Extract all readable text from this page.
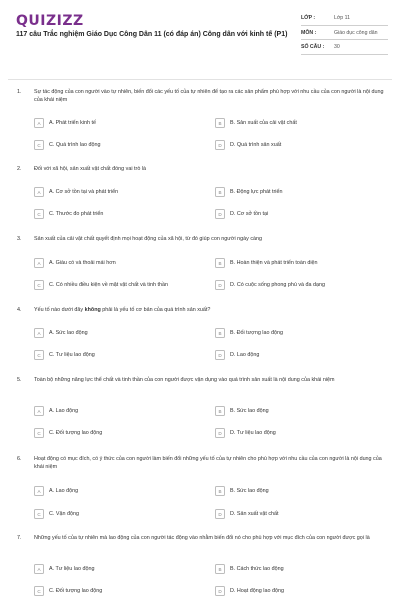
QUIZIZZ
117 câu Trắc nghiệm Giáo Dục Công Dân 11 (có đáp án) Công dân với kinh tế (P1)
LỚP :	Lớp 11
MÔN :	Giáo dục công dân
SỐ CÂU :	30
1.	Sự tác động của con người vào tự nhiên, biến đổi các yếu tố của tự nhiên để tạo ra các sản phẩm phù hợp với nhu cầu của con người là nội dung của khái niệm
A	A. Phát triển kinh tế	B	B. Sản xuất của cải vật chất
C	C. Quá trình lao động	D	D. Quá trình sản xuất
2.	Đối với xã hội, sản xuất vật chất đóng vai trò là
A	A. Cơ sở tồn tại và phát triển	B	B. Động lực phát triển
C	C. Thước đo phát triển	D	D. Cơ sở tồn tại
3.	Sản xuất của cải vật chất quyết định mọi hoạt động của xã hội, từ đó giúp con người ngày càng
A	A. Giàu có và thoải mái hơn	B	B. Hoàn thiện và phát triển toàn diện
C	C. Có nhiều điều kiện về mặt vật chất và tinh thần	D	D. Có cuộc sống phong phú và đa dạng
4.	Yếu tố nào dưới đây không phải là yếu tố cơ bản của quá trình sản xuất?
A	A. Sức lao động	B	B. Đối tượng lao động
C	C. Tư liệu lao động	D	D. Lao động
5.	Toàn bộ những năng lực thể chất và tinh thần của con người được vận dụng vào quá trình sản xuất là nội dung của khái niệm
A	A. Lao động	B	B. Sức lao động
C	C. Đối tượng lao động	D	D. Tư liệu lao động
6.	Hoạt động có mục đích, có ý thức của con người làm biến đổi những yếu tố của tự nhiên cho phù hợp với nhu cầu của con người là nội dung của khái niệm
A	A. Lao động	B	B. Sức lao động
C	C. Vận động	D	D. Sản xuất vật chất
7.	Những yếu tố của tự nhiên mà lao động của con người tác động vào nhằm biến đổi nó cho phù hợp với mục đích của con người được gọi là
A	A. Tư liệu lao động	B	B. Cách thức lao động
C	C. Đối tượng lao động	D	D. Hoạt động lao động
